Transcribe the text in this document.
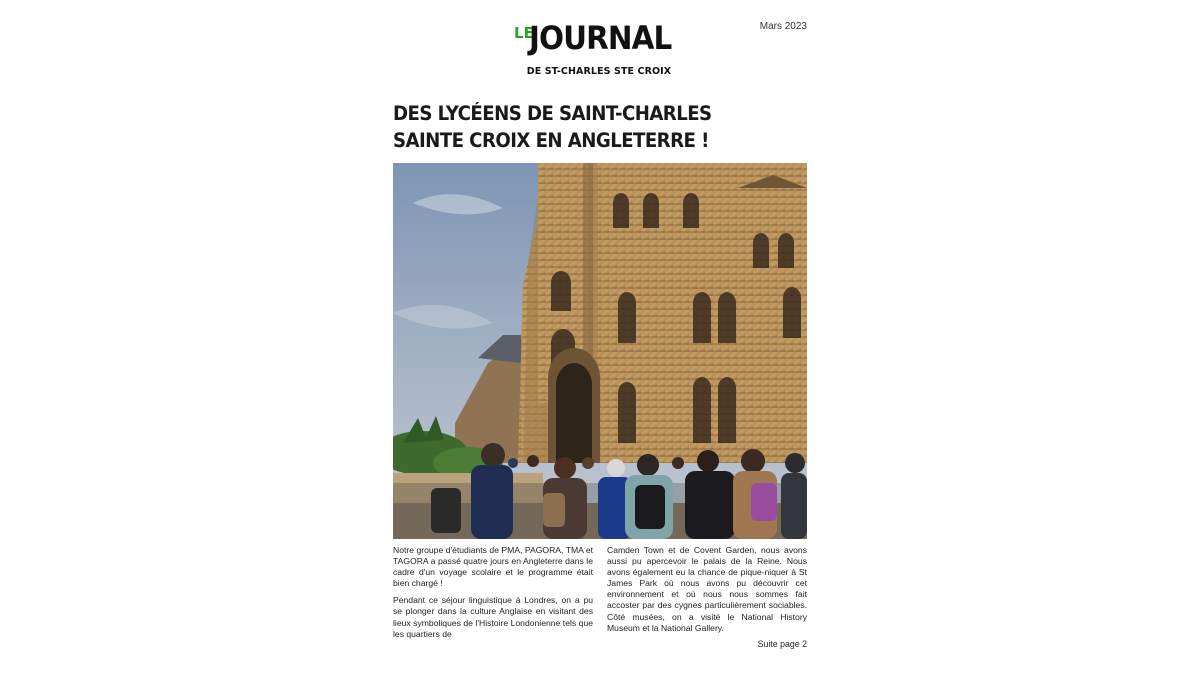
LE
JOURNAL
DE ST-CHARLES STE CROIX
Mars 2023
DES LYCÉENS DE SAINT-CHARLES SAINTE CROIX EN ANGLETERRE !

Notre groupe d'étudiants de PMA, PAGORA, TMA et TAGORA a passé quatre jours en Angleterre dans le cadre d'un voyage scolaire et le programme était bien chargé !

Pendant ce séjour linguistique à Londres, on a pu se plonger dans la culture Anglaise en visitant des lieux symboliques de l'Histoire Londonienne tels que les quartiers de

Camden Town et de Covent Garden, nous avons aussi pu apercevoir le palais de la Reine. Nous avons également eu la chance de pique-niquer à St James Park où nous avons pu découvrir cet environnement et où nous nous sommes fait accoster par des cygnes particulièrement sociables. Côté musées, on a visité le National History Museum et la National Gallery.

Suite page 2
